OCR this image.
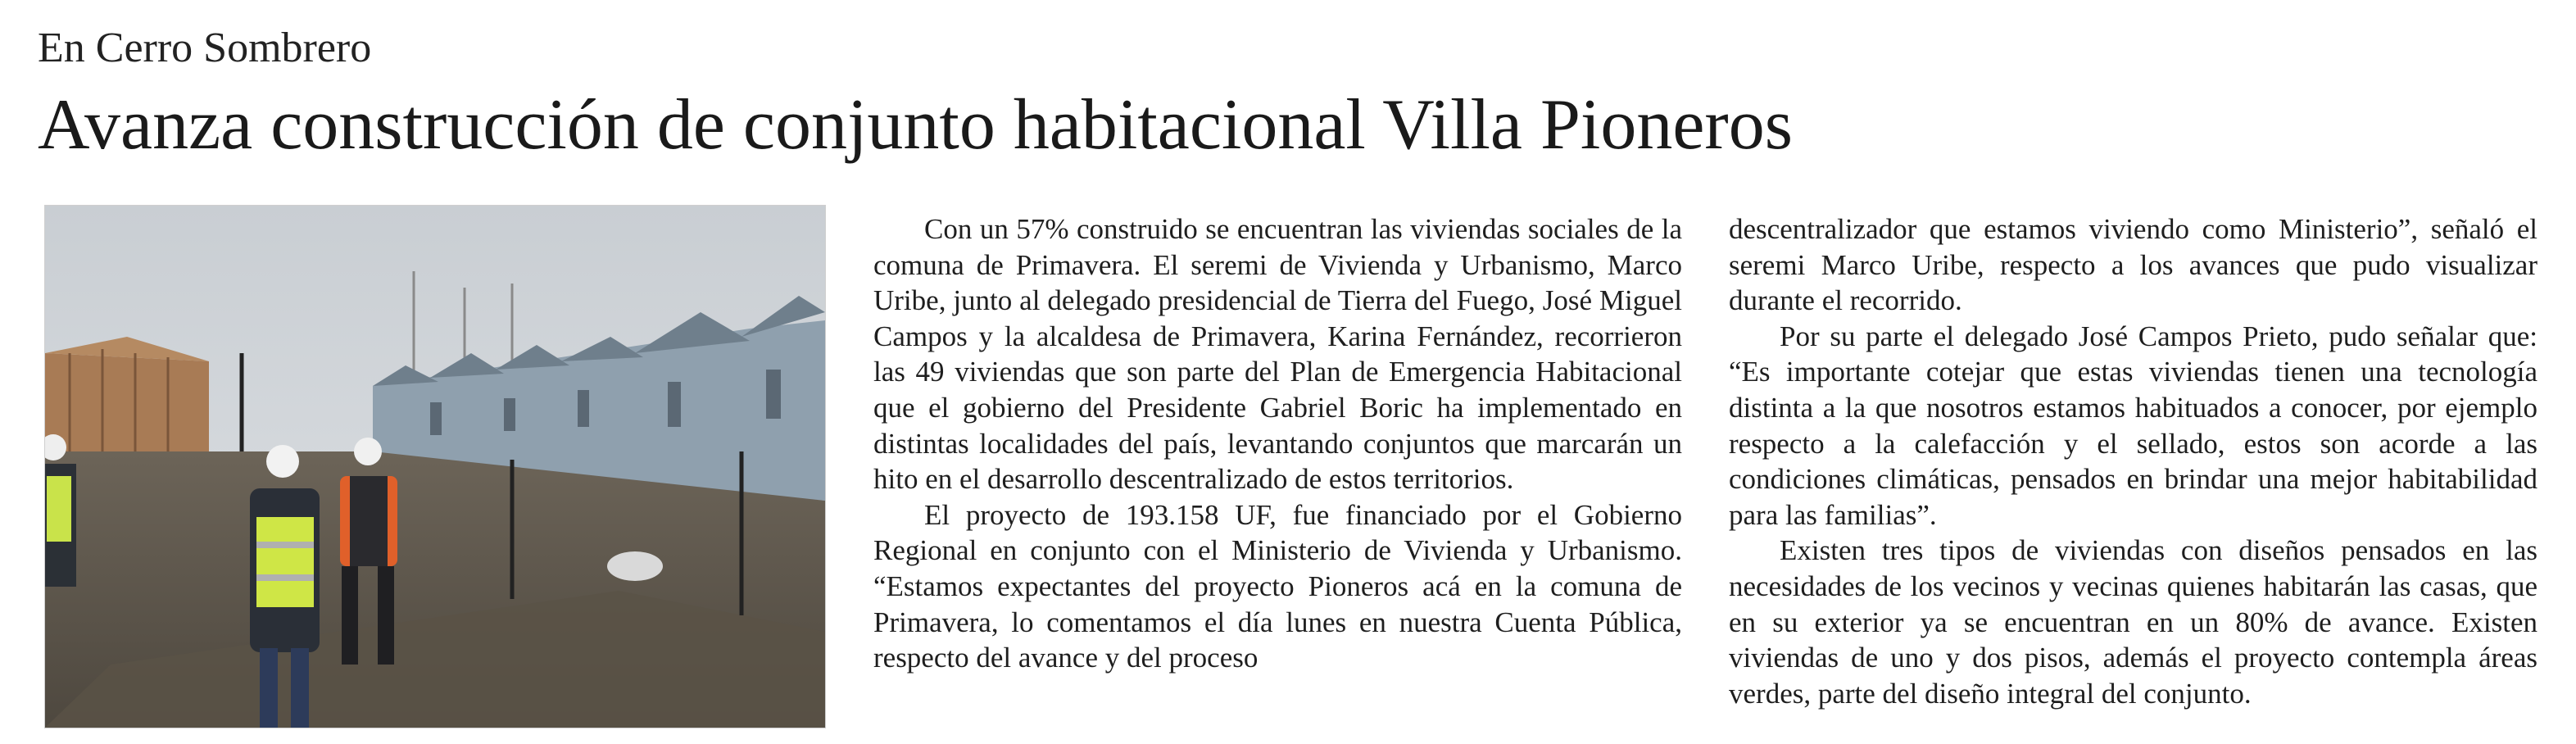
En Cerro Sombrero
Avanza construcción de conjunto habitacional Villa Pioneros

Con un 57% construido se encuentran las viviendas sociales de la comuna de Primavera. El seremi de Vivienda y Urbanismo, Marco Uribe, junto al delegado presidencial de Tierra del Fuego, José Miguel Campos y la alcaldesa de Primavera, Karina Fernández, recorrieron las 49 viviendas que son parte del Plan de Emergencia Habitacional que el gobierno del Presidente Gabriel Boric ha implementado en distintas localidades del país, levantando conjuntos que marcarán un hito en el desarrollo descentralizado de estos territorios.

El proyecto de 193.158 UF, fue financiado por el Gobierno Regional en conjunto con el Ministerio de Vivienda y Urbanismo. “Estamos expectantes del proyecto Pioneros acá en la comuna de Primavera, lo comentamos el día lunes en nuestra Cuenta Pública, respecto del avance y del proceso

descentralizador que estamos viviendo como Ministerio”, señaló el seremi Marco Uribe, respecto a los avances que pudo visualizar durante el recorrido.

Por su parte el delegado José Campos Prieto, pudo señalar que: “Es importante cotejar que estas viviendas tienen una tecnología distinta a la que nosotros estamos habituados a conocer, por ejemplo respecto a la calefacción y el sellado, estos son acorde a las condiciones climáticas, pensados en brindar una mejor habitabilidad para las familias”.

Existen tres tipos de viviendas con diseños pensados en las necesidades de los vecinos y vecinas quienes habitarán las casas, que en su exterior ya se encuentran en un 80% de avance. Existen viviendas de uno y dos pisos, además el proyecto contempla áreas verdes, parte del diseño integral del conjunto.
